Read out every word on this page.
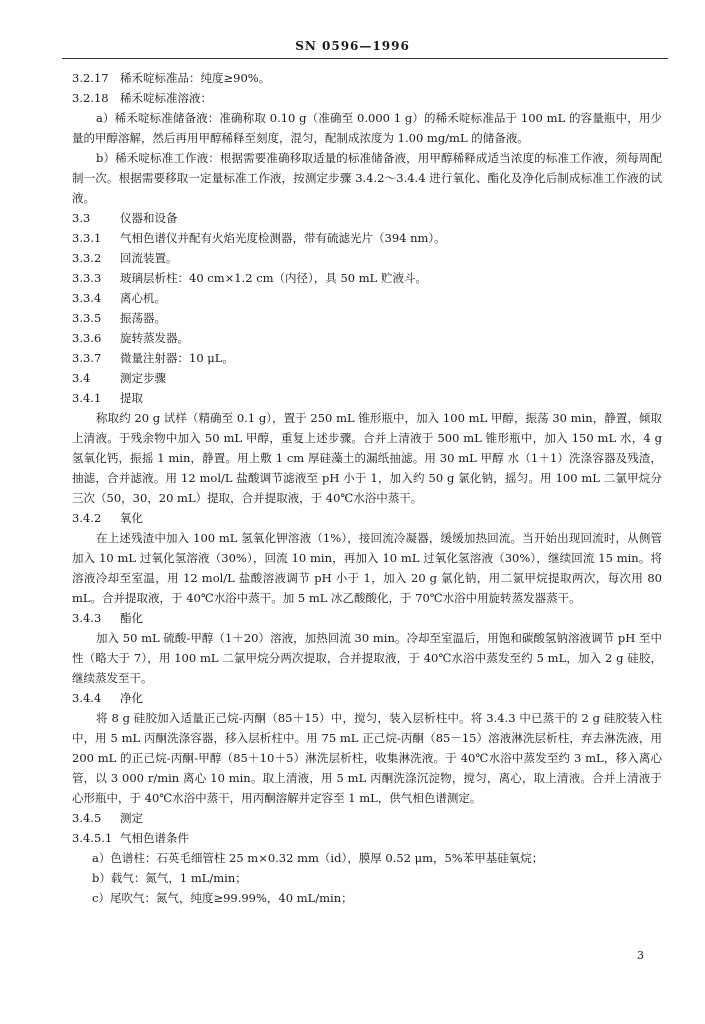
SN 0596—1996

3.2.17 稀禾啶标准品：纯度≥90%。

3.2.18 稀禾啶标准溶液：

a）稀禾啶标准储备液：准确称取 0.10 g（准确至 0.000 1 g）的稀禾啶标准品于 100 mL 的容量瓶中，用少量的甲醇溶解，然后再用甲醇稀释至刻度，混匀，配制成浓度为 1.00 mg/mL 的储备液。

b）稀禾啶标准工作液：根据需要准确移取适量的标准储备液，用甲醇稀释成适当浓度的标准工作液，须每周配制一次。根据需要移取一定量标准工作液，按测定步骤 3.4.2～3.4.4 进行氧化、酯化及净化后制成标准工作液的试液。

3.3	仪器和设备

3.3.1 气相色谱仪并配有火焰光度检测器，带有硫滤光片（394 nm）。

3.3.2 回流装置。

3.3.3 玻璃层析柱：40 cm×1.2 cm（内径），具 50 mL 贮液斗。

3.3.4 离心机。

3.3.5 振荡器。

3.3.6 旋转蒸发器。

3.3.7 微量注射器：10 μL。

3.4	测定步骤

3.4.1 提取

称取约 20 g 试样（精确至 0.1 g），置于 250 mL 锥形瓶中，加入 100 mL 甲醇，振荡 30 min，静置，倾取上清液。于残余物中加入 50 mL 甲醇，重复上述步骤。合并上清液于 500 mL 锥形瓶中，加入 150 mL 水，4 g 氢氧化钙，振摇 1 min，静置。用上敷 1 cm 厚硅藻土的漏纸抽滤。用 30 mL 甲醇 水（1＋1）洗涤容器及残渣，抽滤，合并滤液。用 12 mol/L 盐酸调节滤液至 pH 小于 1，加入约 50 g 氯化钠，摇匀。用 100 mL 二氯甲烷分三次（50，30，20 mL）提取，合并提取液，于 40℃水浴中蒸干。

3.4.2 氧化

在上述残渣中加入 100 mL 氢氧化钾溶液（1%），接回流冷凝器，缓缓加热回流。当开始出现回流时，从侧管加入 10 mL 过氧化氢溶液（30%），回流 10 min，再加入 10 mL 过氧化氢溶液（30%），继续回流 15 min。将溶液冷却至室温，用 12 mol/L 盐酸溶液调节 pH 小于 1，加入 20 g 氯化钠，用二氯甲烷提取两次，每次用 80 mL。合并提取液，于 40℃水浴中蒸干。加 5 mL 冰乙酸酸化，于 70℃水浴中用旋转蒸发器蒸干。

3.4.3 酯化

加入 50 mL 硫酸-甲醇（1＋20）溶液，加热回流 30 min。冷却至室温后，用饱和碳酸氢钠溶液调节 pH 至中性（略大于 7），用 100 mL 二氯甲烷分两次提取，合并提取液，于 40℃水浴中蒸发至约 5 mL，加入 2 g 硅胶，继续蒸发至干。

3.4.4 净化

将 8 g 硅胶加入适量正己烷-丙酮（85＋15）中，搅匀，装入层析柱中。将 3.4.3 中已蒸干的 2 g 硅胶装入柱中，用 5 mL 丙酮洗涤容器，移入层析柱中。用 75 mL 正己烷-丙酮（85－15）溶液淋洗层析柱，弃去淋洗液，用 200 mL 的正己烷-丙酮-甲醇（85＋10＋5）淋洗层析柱，收集淋洗液。于 40℃水浴中蒸发至约 3 mL，移入离心管，以 3 000 r/min 离心 10 min。取上清液，用 5 mL 丙酮洗涤沉淀物，搅匀，离心，取上清液。合并上清液于心形瓶中，于 40℃水浴中蒸干，用丙酮溶解并定容至 1 mL，供气相色谱测定。

3.4.5 测定

3.4.5.1 气相色谱条件

a）色谱柱：石英毛细管柱 25 m×0.32 mm（id），膜厚 0.52 μm，5%苯甲基硅氧烷；

b）载气：氮气，1 mL/min；

c）尾吹气：氮气，纯度≥99.99%，40 mL/min；

3
